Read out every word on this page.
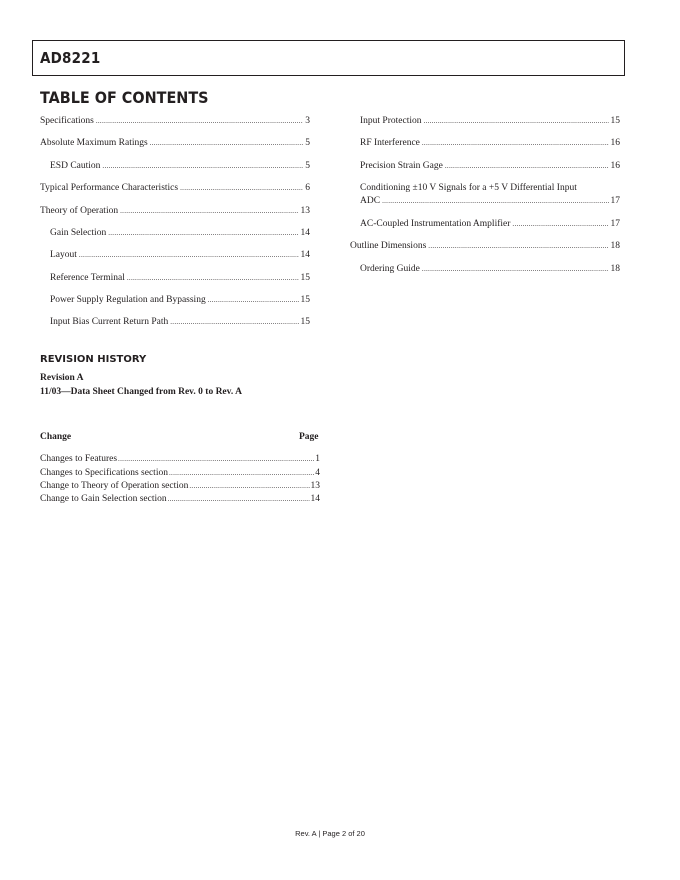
AD8221
TABLE OF CONTENTS
Specifications .....	3
Absolute Maximum Ratings .....	5
ESD Caution .....	5
Typical Performance Characteristics .....	6
Theory of Operation .....	13
Gain Selection .....	14
Layout .....	14
Reference Terminal .....	15
Power Supply Regulation and Bypassing .....	15
Input Bias Current Return Path .....	15
Input Protection .....	15
RF Interference .....	16
Precision Strain Gage .....	16
Conditioning ±10 V Signals for a +5 V Differential Input
ADC .....	17
AC-Coupled Instrumentation Amplifier .....	17
Outline Dimensions .....	18
Ordering Guide .....	18
REVISION HISTORY
Revision A
11/03—Data Sheet Changed from Rev. 0 to Rev. A
Change	Page
Changes to Features .....	1
Changes to Specifications section .....	4
Change to Theory of Operation section .....	13
Change to Gain Selection section .....	14
Rev. A | Page 2 of 20
